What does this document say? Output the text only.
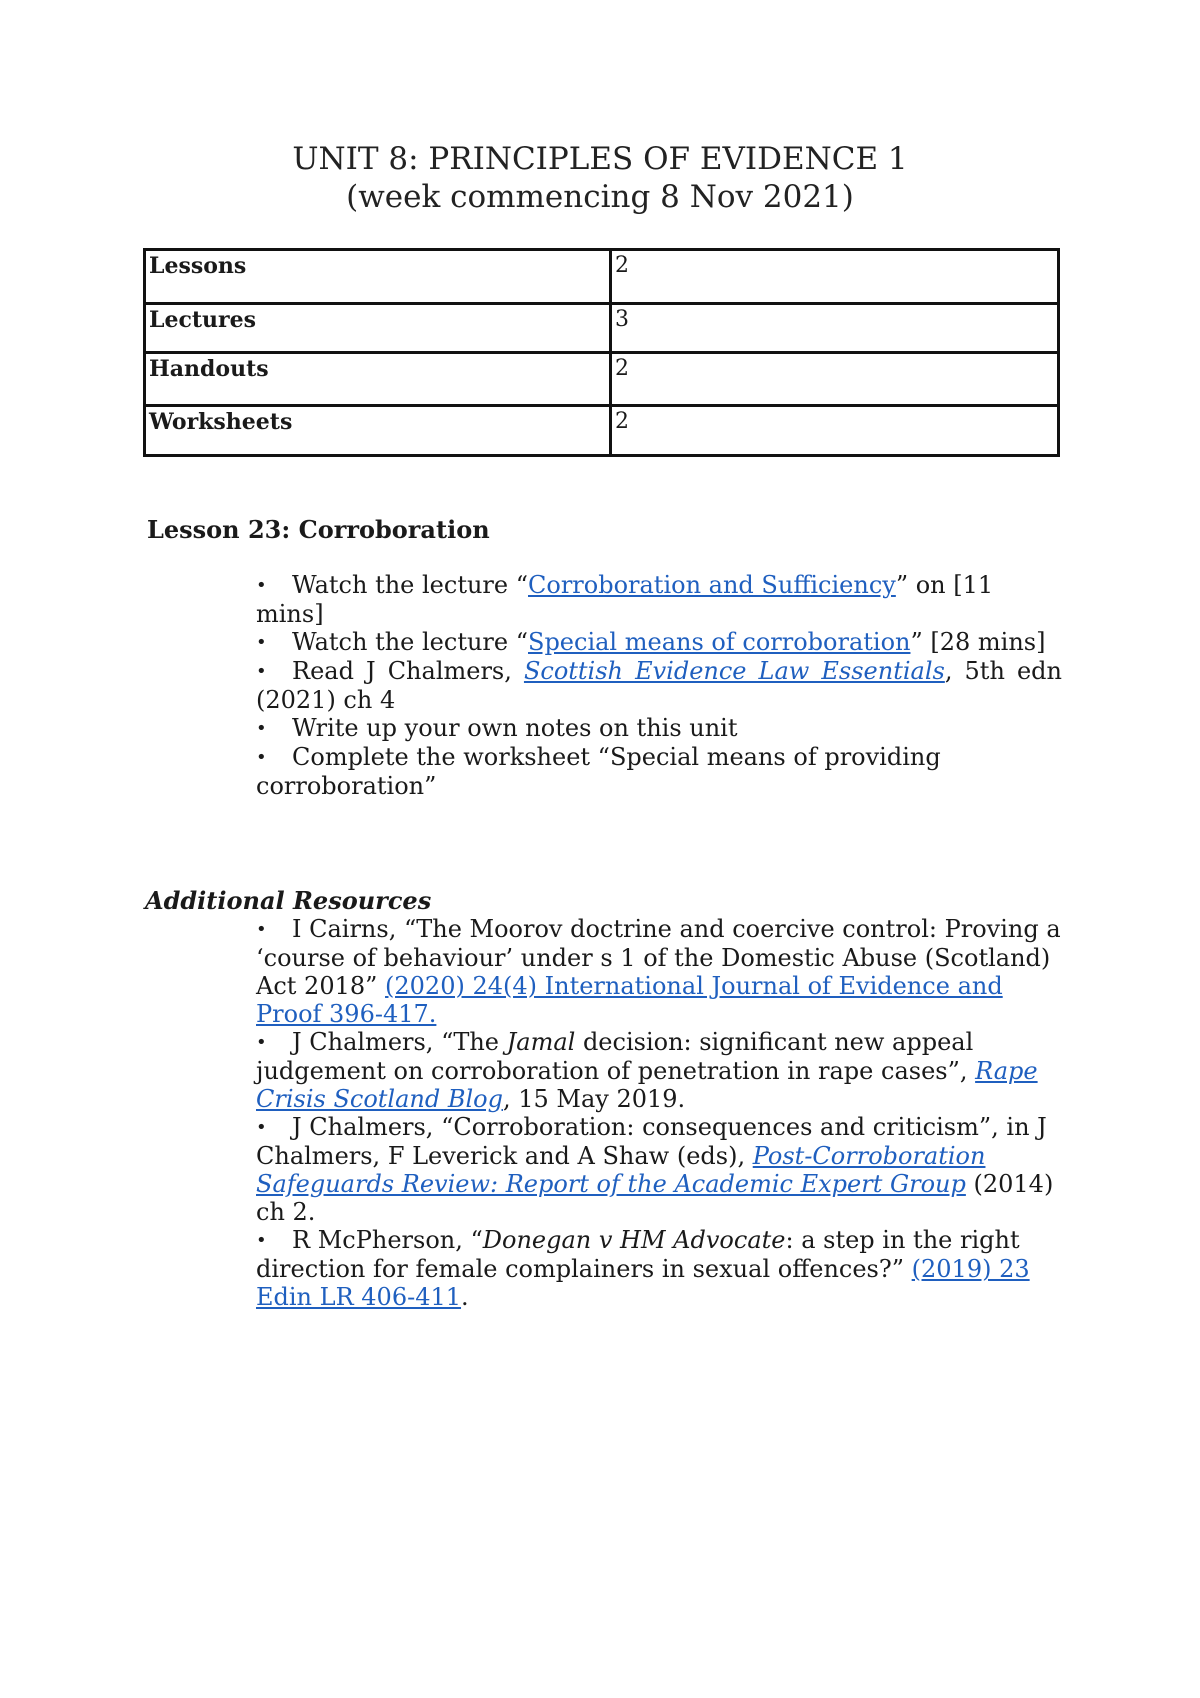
UNIT 8: PRINCIPLES OF EVIDENCE 1
(week commencing 8 Nov 2021)
Lessons	2
Lectures	3
Handouts	2
Worksheets	2
Lesson 23: Corroboration
• Watch the lecture “Corroboration and Sufficiency” on [11 mins]
• Watch the lecture “Special means of corroboration” [28 mins]
• Read J Chalmers, Scottish Evidence Law Essentials, 5th edn (2021) ch 4
• Write up your own notes on this unit
• Complete the worksheet “Special means of providing corroboration”
Additional Resources
• I Cairns, “The Moorov doctrine and coercive control: Proving a ‘course of behaviour’ under s 1 of the Domestic Abuse (Scotland) Act 2018” (2020) 24(4) International Journal of Evidence and Proof 396-417.
• J Chalmers, “The Jamal decision: significant new appeal judgement on corroboration of penetration in rape cases”, Rape Crisis Scotland Blog, 15 May 2019.
• J Chalmers, “Corroboration: consequences and criticism”, in J Chalmers, F Leverick and A Shaw (eds), Post-Corroboration Safeguards Review: Report of the Academic Expert Group (2014) ch 2.
• R McPherson, “Donegan v HM Advocate: a step in the right direction for female complainers in sexual offences?” (2019) 23 Edin LR 406-411.
